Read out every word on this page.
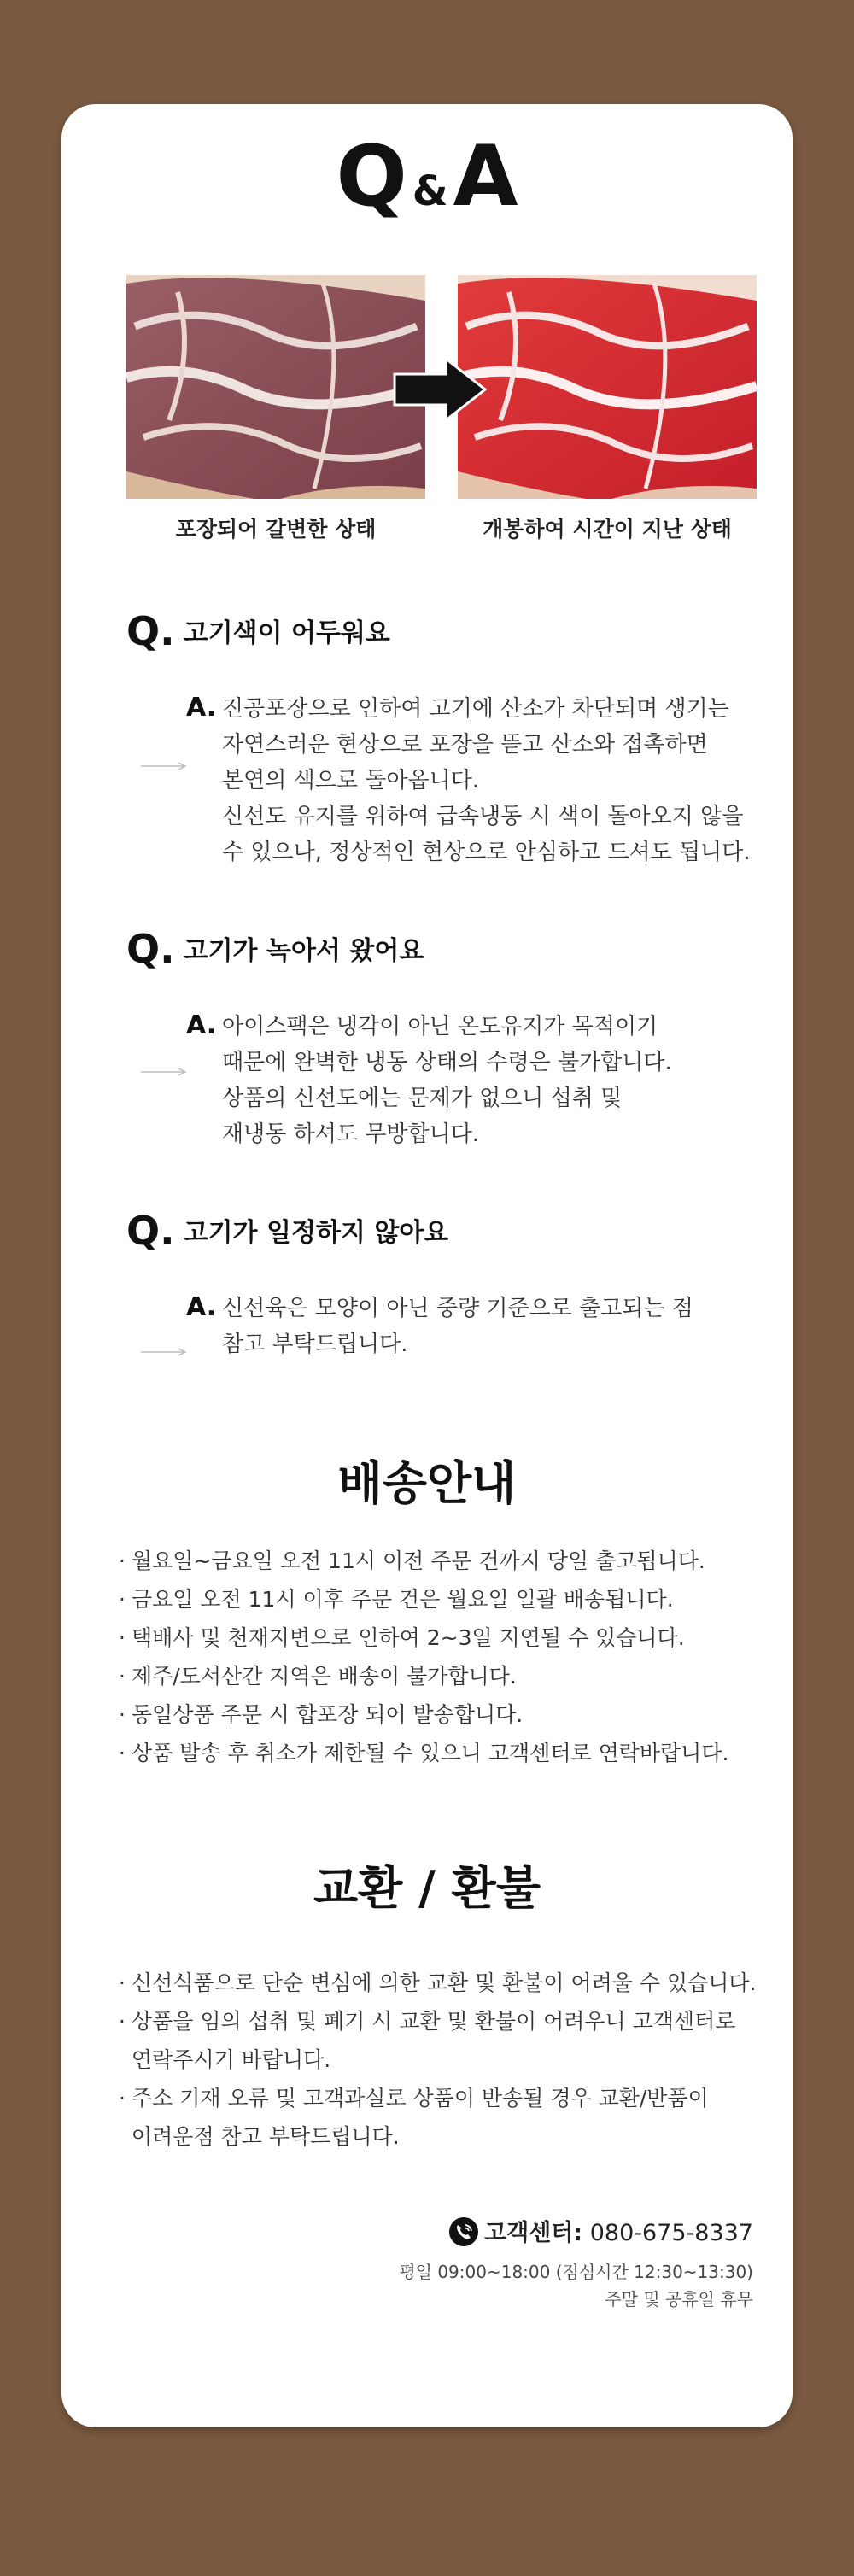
Q &A
포장되어 갈변한 상태	개봉하여 시간이 지난 상태
Q. 고기색이 어두워요
A. 진공포장으로 인하여 고기에 산소가 차단되며 생기는
자연스러운 현상으로 포장을 뜯고 산소와 접촉하면
본연의 색으로 돌아옵니다.
신선도 유지를 위하여 급속냉동 시 색이 돌아오지 않을
수 있으나, 정상적인 현상으로 안심하고 드셔도 됩니다.
Q. 고기가 녹아서 왔어요
A. 아이스팩은 냉각이 아닌 온도유지가 목적이기
때문에 완벽한 냉동 상태의 수령은 불가합니다.
상품의 신선도에는 문제가 없으니 섭취 및
재냉동 하셔도 무방합니다.
Q. 고기가 일정하지 않아요
A. 신선육은 모양이 아닌 중량 기준으로 출고되는 점
참고 부탁드립니다.
배송안내
· 월요일~금요일 오전 11시 이전 주문 건까지 당일 출고됩니다.
· 금요일 오전 11시 이후 주문 건은 월요일 일괄 배송됩니다.
· 택배사 및 천재지변으로 인하여 2~3일 지연될 수 있습니다.
· 제주/도서산간 지역은 배송이 불가합니다.
· 동일상품 주문 시 합포장 되어 발송합니다.
· 상품 발송 후 취소가 제한될 수 있으니 고객센터로 연락바랍니다.
교환 / 환불
· 신선식품으로 단순 변심에 의한 교환 및 환불이 어려울 수 있습니다.
· 상품을 임의 섭취 및 폐기 시 교환 및 환불이 어려우니 고객센터로
연락주시기 바랍니다.
· 주소 기재 오류 및 고객과실로 상품이 반송될 경우 교환/반품이
어려운점 참고 부탁드립니다.
고객센터: 080-675-8337
평일 09:00~18:00 (점심시간 12:30~13:30)
주말 및 공휴일 휴무
